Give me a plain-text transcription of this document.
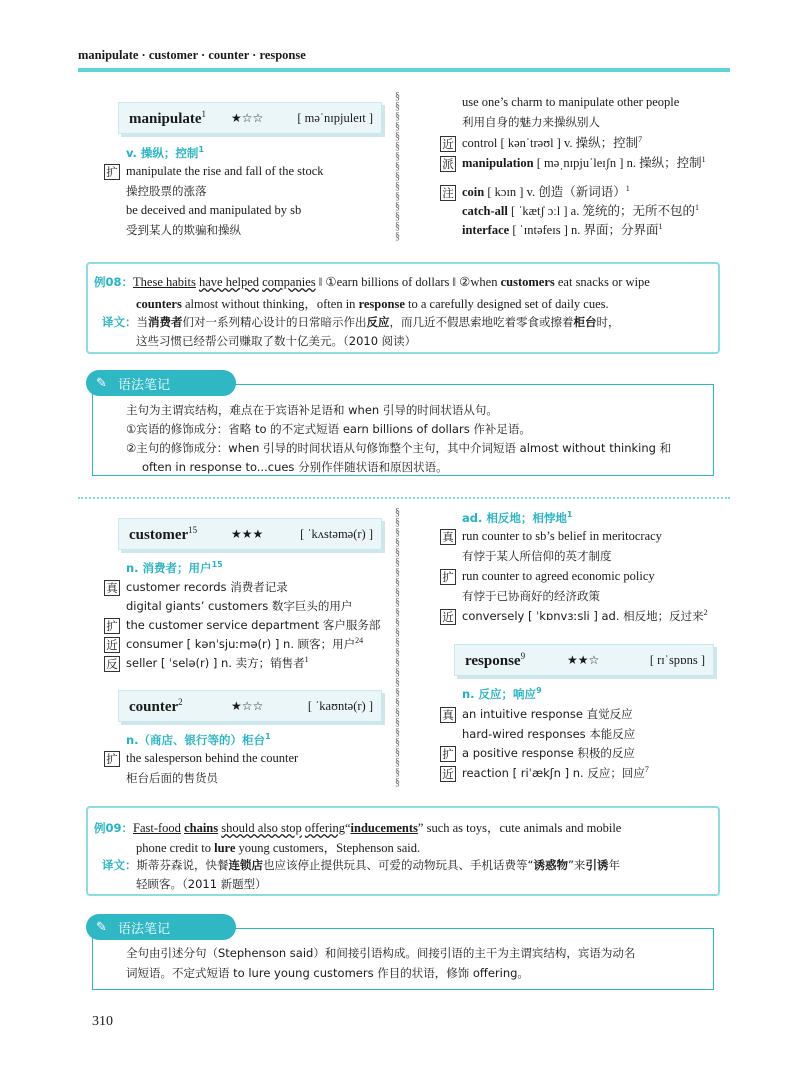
manipulate · customer · counter · response
manipulate$^1$ ★☆☆	[ məˈnɪpjuleɪt ]
v. 操纵；控制$^1$
扩 manipulate the rise and fall of the stock
操控股票的涨落
be deceived and manipulated by sb
受到某人的欺骗和操纵
§
§
§
§
§
§
§
§
§
§
§
§
§
§
§
use one’s charm to manipulate other people
利用自身的魅力来操纵别人
近 control [ kənˈtrəʊl ] v. 操纵；控制$^7$
派 manipulation [ məˌnɪpjuˈleɪʃn ] n. 操纵；控制$^1$
注 coin [ kɔɪn ] v. 创造（新词语）$^1$
catch-all [ ˈkætʃ ɔːl ] a. 笼统的；无所不包的$^1$
interface [ ˈɪntəfeɪs ] n. 界面；分界面$^1$
例08：These habits have helped companies ‖ ①earn billions of dollars ‖ ②when customers eat snacks or wipe
counters almost without thinking，often in response to a carefully designed set of daily cues.
译文：当消费者们对一系列精心设计的日常暗示作出反应，而几近不假思索地吃着零食或擦着柜台时，
这些习惯已经帮公司赚取了数十亿美元。（2010 阅读）
✎ 语法笔记
主句为主谓宾结构，难点在于宾语补足语和 when 引导的时间状语从句。
①宾语的修饰成分：省略 to 的不定式短语 earn billions of dollars 作补足语。
②主句的修饰成分：when 引导的时间状语从句修饰整个主句，其中介词短语 almost without thinking 和
often in response to...cues 分别作伴随状语和原因状语。
customer$^{15}$	★★★	[ ˈkʌstəmə(r) ]
n. 消费者；用户$^{15}$
真 customer records 消费者记录
digital giants’ customers 数字巨头的用户
扩 the customer service department 客户服务部
近 consumer [ kənˈsjuːmə(r) ] n. 顾客；用户$^{24}$
反 seller [ ˈselə(r) ] n. 卖方；销售者$^1$
counter$^2$	★☆☆	[ ˈkaʊntə(r) ]
n.（商店、银行等的）柜台$^1$
扩 the salesperson behind the counter
柜台后面的售货员
§
§
§
§
§
§
§
§
§
§
§
§
§
§
§
§
§
§
§
§
§
§
§
§
§
§
§
§
ad. 相反地；相悖地$^1$
真 run counter to sb’s belief in meritocracy
有悖于某人所信仰的英才制度
扩 run counter to agreed economic policy
有悖于已协商好的经济政策
近 conversely [ ˈkɒnvɜːsli ] ad. 相反地；反过来$^2$
response$^9$	★★☆	[ rɪˈspɒns ]
n. 反应；响应$^9$
真 an intuitive response 直觉反应
hard-wired responses 本能反应
扩 a positive response 积极的反应
近 reaction [ riˈækʃn ] n. 反应；回应$^7$
例09：Fast-food chains should also stop offering“inducements” such as toys，cute animals and mobile
phone credit to lure young customers，Stephenson said.
译文：斯蒂芬森说，快餐连锁店也应该停止提供玩具、可爱的动物玩具、手机话费等“诱惑物”来引诱年
轻顾客。（2011 新题型）
✎ 语法笔记
全句由引述分句（Stephenson said）和间接引语构成。间接引语的主干为主谓宾结构，宾语为动名
词短语。不定式短语 to lure young customers 作目的状语，修饰 offering。
310
